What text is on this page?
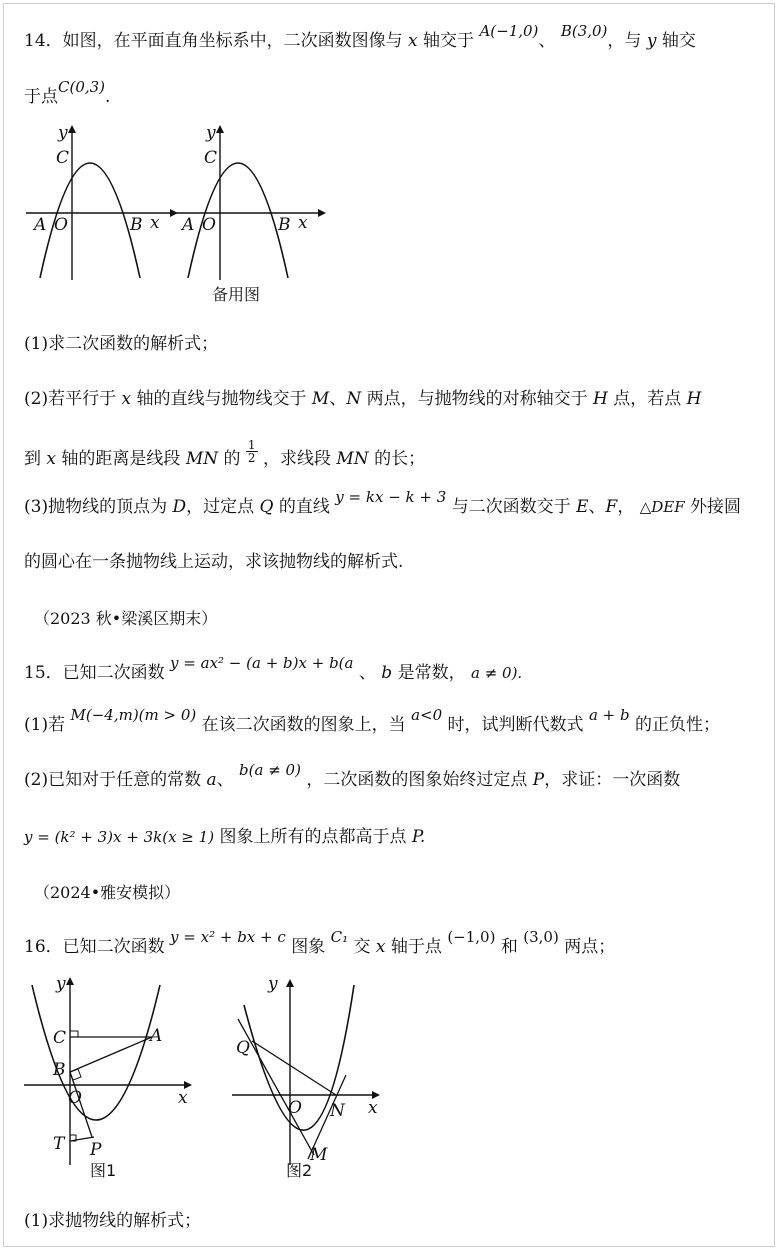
14．如图，在平面直角坐标系中，二次函数图像与 x 轴交于 A(−1,0)、 B(3,0)，与 y 轴交
于点C(0,3).
y
C
A O	B x
y
C
A O	B x
备用图
(1)求二次函数的解析式；
(2)若平行于 x 轴的直线与抛物线交于 M、N 两点，与抛物线的对称轴交于 H 点，若点 H
到 x 轴的距离是线段 MN 的 $\frac{1}{2}$ ，求线段 MN 的长；
(3)抛物线的顶点为 D，过定点 Q 的直线 y = kx − k + 3 与二次函数交于 E、F， △DEF 外接圆
的圆心在一条抛物线上运动，求该抛物线的解析式.
（2023 秋•梁溪区期末）
15．已知二次函数 y = ax² − (a + b)x + b(a 、 b 是常数， a ≠ 0).
(1)若 M(−4,m)(m > 0) 在该二次函数的图象上，当 a<0 时，试判断代数式 a + b 的正负性；
(2)已知对于任意的常数 a、 b(a ≠ 0) ，二次函数的图象始终过定点 P，求证：一次函数
y = (k² + 3)x + 3k(x ≥ 1) 图象上所有的点都高于点 P.
（2024•雅安模拟）
16．已知二次函数 y = x² + bx + c 图象 C₁ 交 x 轴于点 (−1,0) 和 (3,0) 两点；
y
C	A
B
O	x
T P
图1
y
Q
O N x
M
图2
(1)求抛物线的解析式；
